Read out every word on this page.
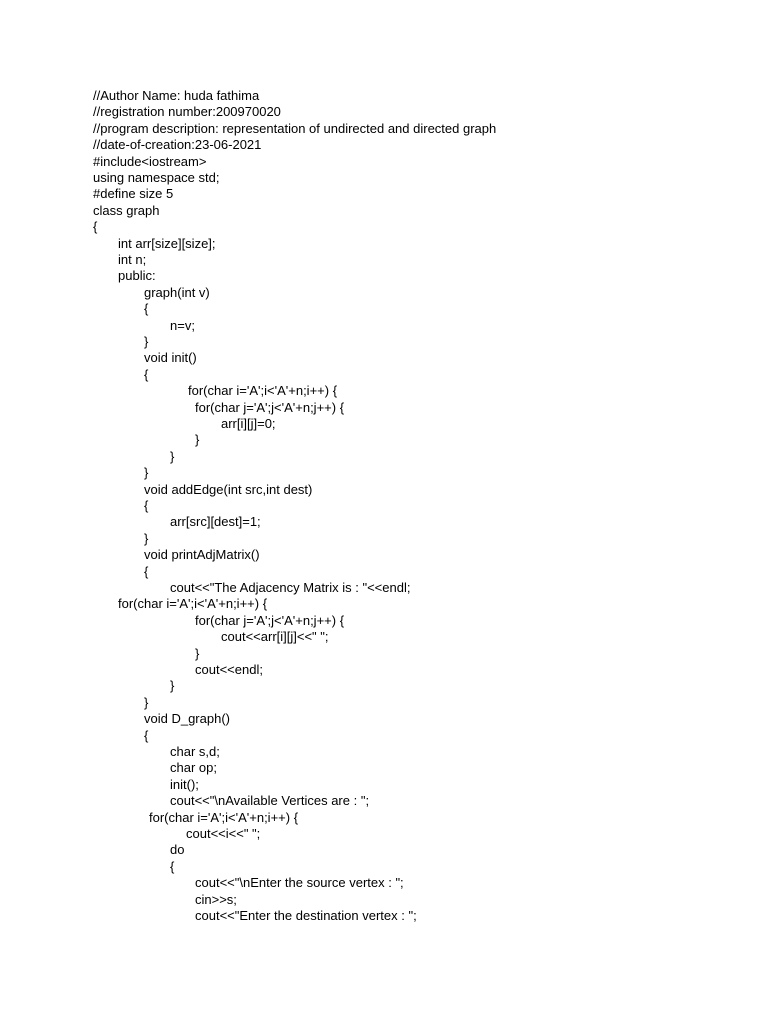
//Author Name: huda fathima
//registration number:200970020
//program description: representation of undirected and directed graph
//date-of-creation:23-06-2021
#include<iostream>
using namespace std;
#define size 5
class graph
{
int arr[size][size];
int n;
public:
graph(int v)
{
n=v;
}
void init()
{
for(char i='A';i<'A'+n;i++) {
for(char j='A';j<'A'+n;j++) {
arr[i][j]=0;
}
}
}
void addEdge(int src,int dest)
{
arr[src][dest]=1;
}
void printAdjMatrix()
{
cout<<"The Adjacency Matrix is : "<<endl;
for(char i='A';i<'A'+n;i++) {
for(char j='A';j<'A'+n;j++) {
cout<<arr[i][j]<<" ";
}
cout<<endl;
}
}
void D_graph()
{
char s,d;
char op;
init();
cout<<"\nAvailable Vertices are : ";
for(char i='A';i<'A'+n;i++) {
cout<<i<<" ";
do
{
cout<<"\nEnter the source vertex : ";
cin>>s;
cout<<"Enter the destination vertex : ";
